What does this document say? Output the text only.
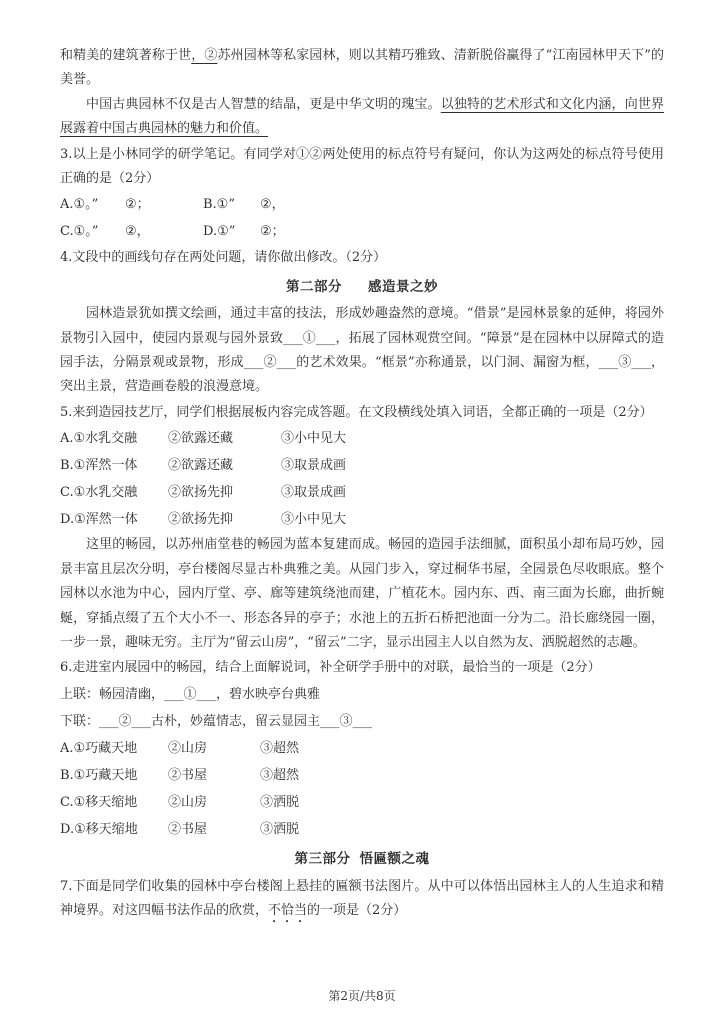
和精美的建筑著称于世，②苏州园林等私家园林，则以其精巧雅致、清新脱俗赢得了“江南园林甲天下”的美誉。

中国古典园林不仅是古人智慧的结晶，更是中华文明的瑰宝。以独特的艺术形式和文化内涵，向世界展露着中国古典园林的魅力和价值。

3.以上是小林同学的研学笔记。有同学对①②两处使用的标点符号有疑问，你认为这两处的标点符号使用正确的是（2分）

A.①。”	②；	B.①”	②，
C.①。”	②，	D.①”	②；

4.文段中的画线句存在两处问题，请你做出修改。（2分）

第二部分 感造景之妙

园林造景犹如撰文绘画，通过丰富的技法，形成妙趣盎然的意境。“借景”是园林景象的延伸，将园外景物引入园中，使园内景观与园外景致___①___，拓展了园林观赏空间。“障景”是在园林中以屏障式的造园手法，分隔景观或景物，形成___②___的艺术效果。“框景”亦称通景，以门洞、漏窗为框，___③___，突出主景，营造画卷般的浪漫意境。

5.来到造园技艺厅，同学们根据展板内容完成答题。在文段横线处填入词语，全都正确的一项是（2分）

A.①水乳交融	②欲露还藏	③小中见大
B.①浑然一体	②欲露还藏	③取景成画
C.①水乳交融	②欲扬先抑	③取景成画
D.①浑然一体	②欲扬先抑	③小中见大

这里的畅园，以苏州庙堂巷的畅园为蓝本复建而成。畅园的造园手法细腻，面积虽小却布局巧妙，园景丰富且层次分明，亭台楼阁尽显古朴典雅之美。从园门步入，穿过桐华书屋，全园景色尽收眼底。整个园林以水池为中心，园内厅堂、亭、廊等建筑绕池而建，广植花木。园内东、西、南三面为长廊，曲折蜿蜒，穿插点缀了五个大小不一、形态各异的亭子；水池上的五折石桥把池面一分为二。沿长廊绕园一圈，一步一景，趣味无穷。主厅为“留云山房”，“留云”二字，显示出园主人以自然为友、洒脱超然的志趣。

6.走进室内展园中的畅园，结合上面解说词，补全研学手册中的对联，最恰当的一项是（2分）

上联：畅园清幽，___①___，碧水映亭台典雅

下联：___②___古朴，妙蕴情志，留云显园主___③___

A.①巧藏天地	②山房	③超然
B.①巧藏天地	②书屋	③超然
C.①移天缩地	②山房	③洒脱
D.①移天缩地	②书屋	③洒脱

第三部分 悟匾额之魂

7.下面是同学们收集的园林中亭台楼阁上悬挂的匾额书法图片。从中可以体悟出园林主人的人生追求和精神境界。对这四幅书法作品的欣赏，不恰当的一项是（2分）

第2页/共8页
